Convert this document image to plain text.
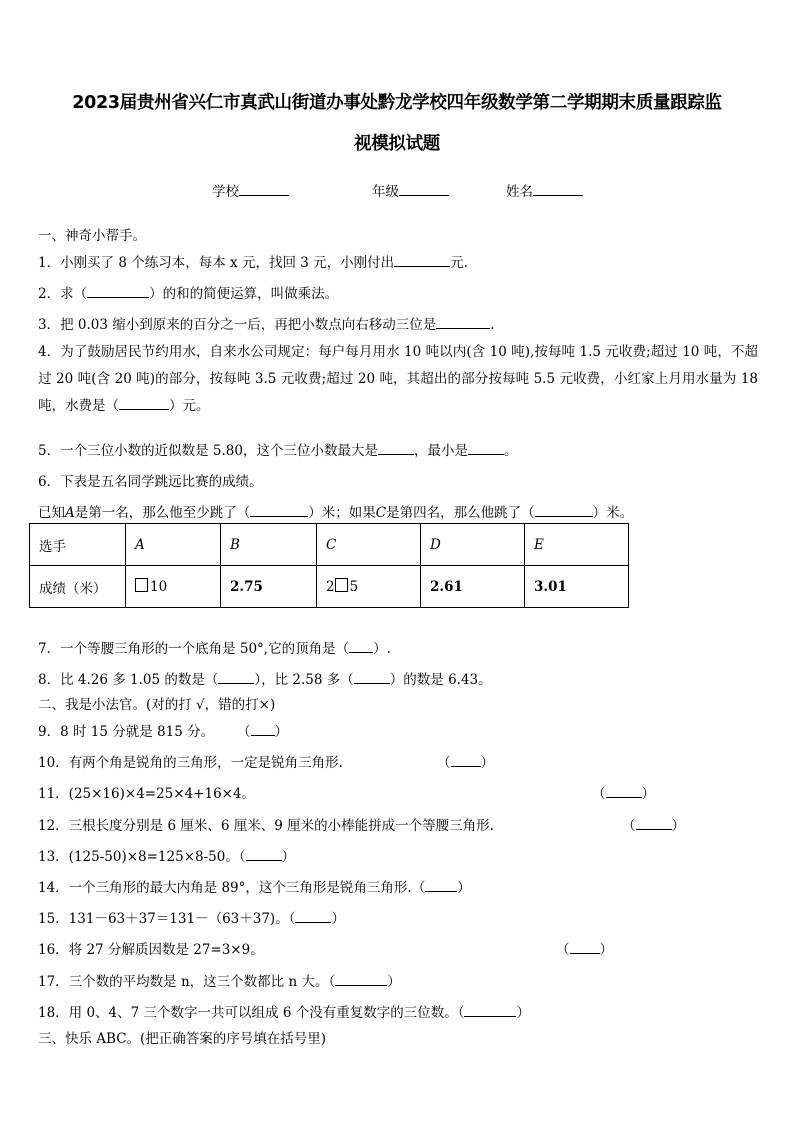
2023届贵州省兴仁市真武山街道办事处黔龙学校四年级数学第二学期期末质量跟踪监
视模拟试题
学校	年级	姓名
一、神奇小帮手。
1．小刚买了 8 个练习本，每本 x 元，找回 3 元，小刚付出	元.
2．求（	）的和的简便运算，叫做乘法。
3．把 0.03 缩小到原来的百分之一后，再把小数点向右移动三位是	.
4．为了鼓励居民节约用水，自来水公司规定：每户每月用水 10 吨以内(含 10 吨),按每吨 1.5 元收费;超过 10 吨，不超过 20 吨(含 20 吨)的部分，按每吨 3.5 元收费;超过 20 吨，其超出的部分按每吨 5.5 元收费，小红家上月用水量为 18 吨，水费是（	）元。
5．一个三位小数的近似数是 5.80，这个三位小数最大是	，最小是	。
6．下表是五名同学跳远比赛的成绩。
已知A是第一名，那么他至少跳了（	）米；如果C是第四名，那么他跳了（	）米。
选手	A	B	C	D	E
成绩（米）	10	2.75	2 5	2.61	3.01
7．一个等腰三角形的一个底角是 50°,它的顶角是（ ）.
8．比 4.26 多 1.05 的数是（	），比 2.58 多（	）的数是 6.43。
二、我是小法官。(对的打 √，错的打×)
9．8 时 15 分就是 815 分。 （ ）
10．有两个角是锐角的三角形，一定是锐角三角形.	（ ）
11．(25×16)×4=25×4+16×4。	（	）
12．三根长度分别是 6 厘米、6 厘米、9 厘米的小棒能拼成一个等腰三角形.	（	）
13．(125-50)×8=125×8-50。（	）
14．一个三角形的最大内角是 89°，这个三角形是锐角三角形.（ ）
15．131－63＋37＝131－（63＋37)。（	）
16．将 27 分解质因数是 27=3×9。	（ ）
17．三个数的平均数是 n，这三个数都比 n 大。（	）
18．用 0、4、7 三个数字一共可以组成 6 个没有重复数字的三位数。（	）
三、快乐 ABC。(把正确答案的序号填在括号里)
